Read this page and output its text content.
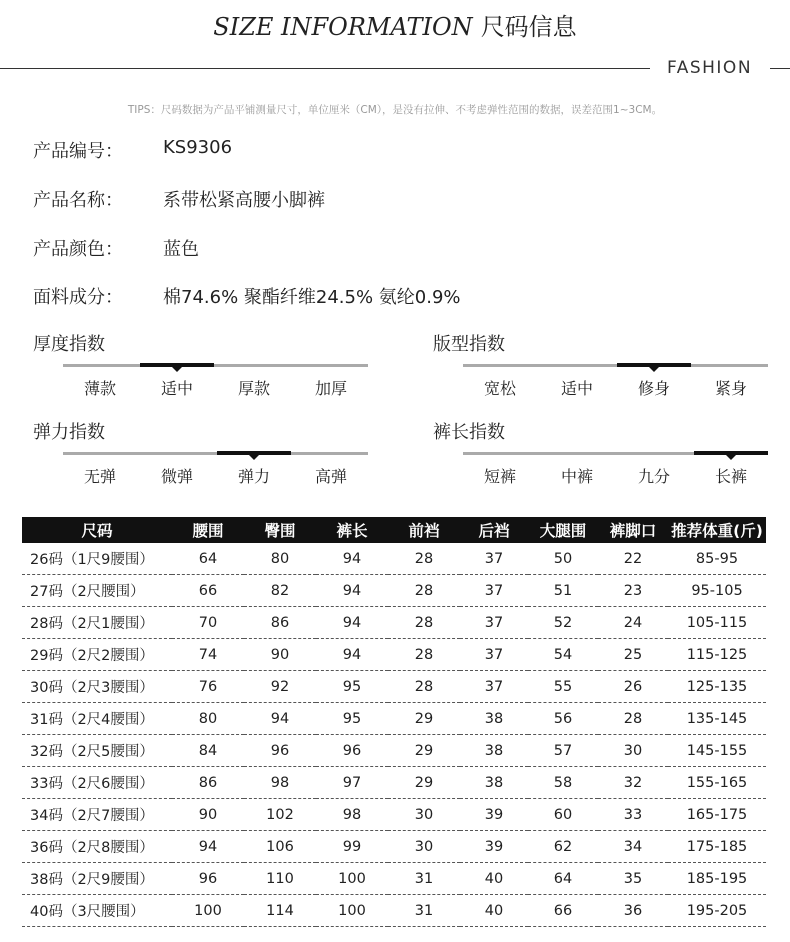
SIZE INFORMATION 尺码信息
FASHION
TIPS：尺码数据为产品平铺测量尺寸，单位厘米（CM），是没有拉伸、不考虑弹性范围的数据，误差范围1~3CM。
产品编号： KS9306
产品名称： 系带松紧高腰小脚裤
产品颜色： 蓝色
面料成分： 棉74.6% 聚酯纤维24.5% 氨纶0.9%
厚度指数
薄款	适中	厚款	加厚
版型指数
宽松	适中	修身	紧身
弹力指数
无弹	微弹	弹力	高弹
裤长指数
短裤	中裤	九分	长裤
尺码	腰围	臀围	裤长	前裆	后裆	大腿围	裤脚口	推荐体重(斤)
26码（1尺9腰围）	64	80	94	28	37	50	22	85-95
27码（2尺腰围）	66	82	94	28	37	51	23	95-105
28码（2尺1腰围）	70	86	94	28	37	52	24	105-115
29码（2尺2腰围）	74	90	94	28	37	54	25	115-125
30码（2尺3腰围）	76	92	95	28	37	55	26	125-135
31码（2尺4腰围）	80	94	95	29	38	56	28	135-145
32码（2尺5腰围）	84	96	96	29	38	57	30	145-155
33码（2尺6腰围）	86	98	97	29	38	58	32	155-165
34码（2尺7腰围）	90	102	98	30	39	60	33	165-175
36码（2尺8腰围）	94	106	99	30	39	62	34	175-185
38码（2尺9腰围）	96	110	100	31	40	64	35	185-195
40码（3尺腰围）	100	114	100	31	40	66	36	195-205
